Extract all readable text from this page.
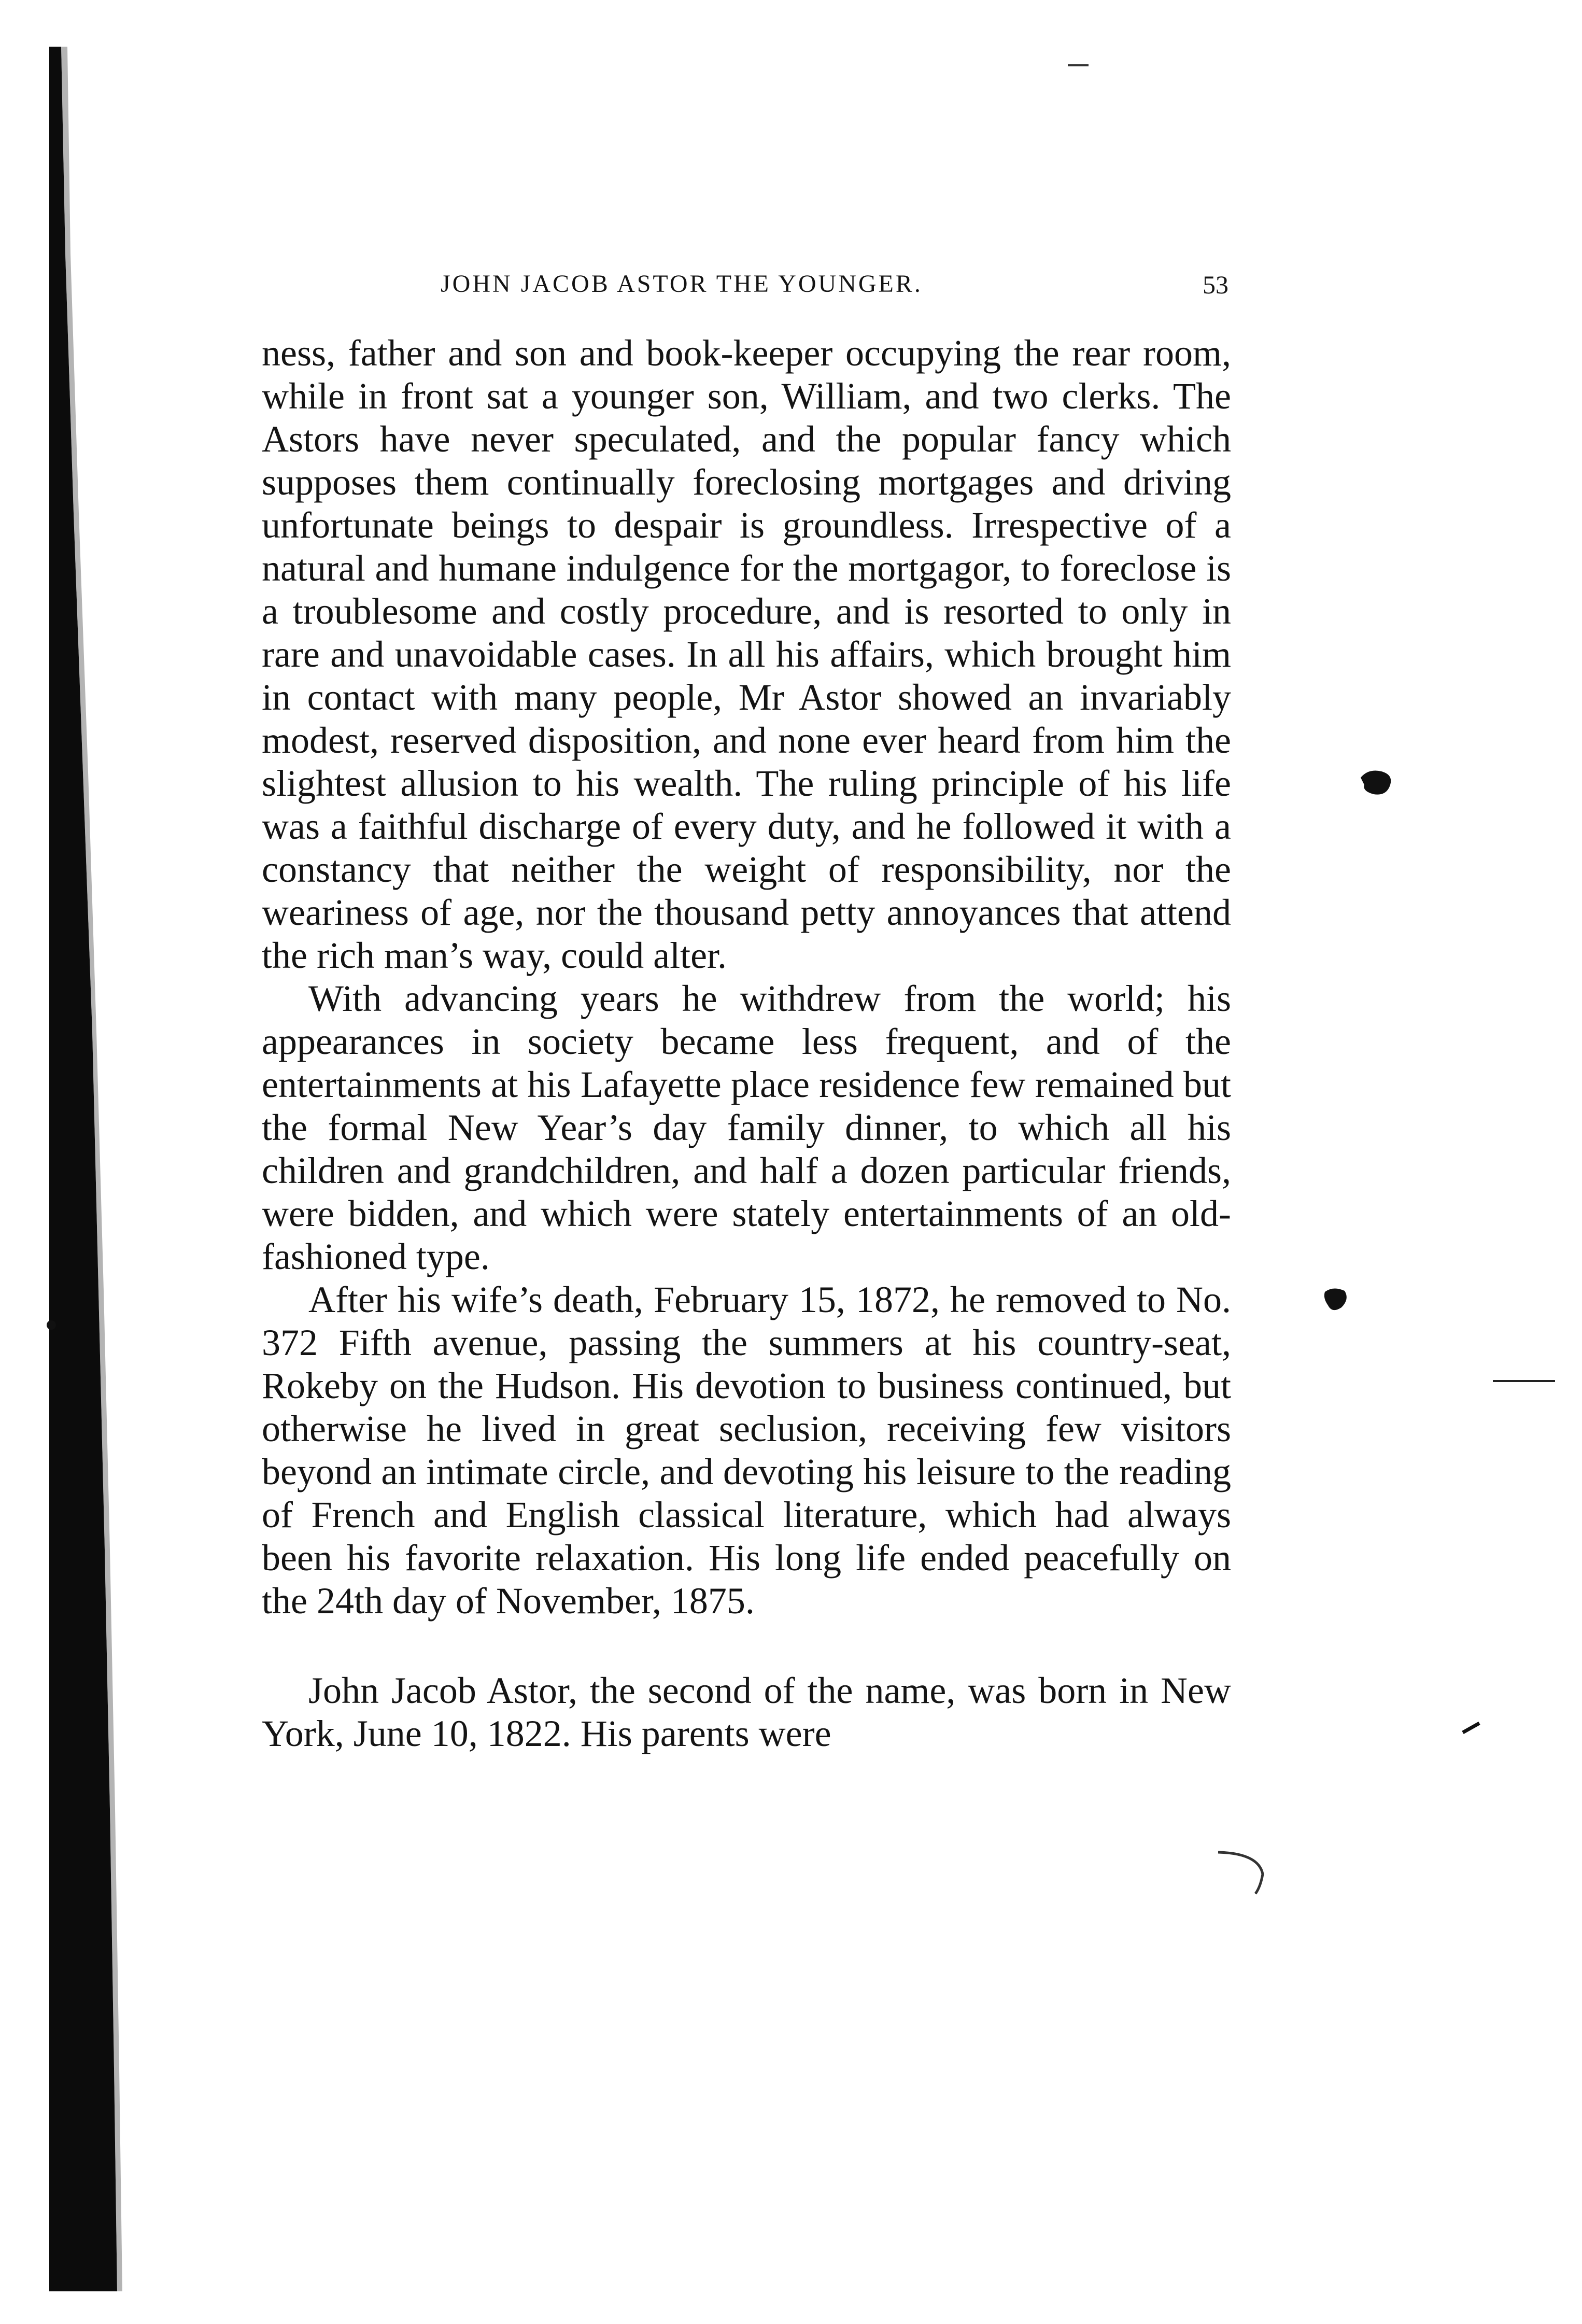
JOHN JACOB ASTOR THE YOUNGER.	53

ness, father and son and book-keeper occupying the rear room, while in front sat a younger son, William, and two clerks. The Astors have never speculated, and the popular fancy which supposes them continually foreclosing mortgages and driving unfortunate beings to despair is groundless. Irrespective of a natural and humane indulgence for the mortgagor, to foreclose is a troublesome and costly procedure, and is resorted to only in rare and unavoidable cases. In all his affairs, which brought him in contact with many people, Mr Astor showed an invariably modest, reserved disposition, and none ever heard from him the slightest allusion to his wealth. The ruling principle of his life was a faithful discharge of every duty, and he followed it with a constancy that neither the weight of responsibility, nor the weariness of age, nor the thousand petty annoyances that attend the rich man’s way, could alter.

With advancing years he withdrew from the world; his appearances in society became less frequent, and of the entertainments at his Lafayette place residence few remained but the formal New Year’s day family dinner, to which all his children and grandchildren, and half a dozen particular friends, were bidden, and which were stately entertainments of an old-fashioned type.

After his wife’s death, February 15, 1872, he removed to No. 372 Fifth avenue, passing the summers at his country-seat, Rokeby on the Hudson. His devotion to business continued, but otherwise he lived in great seclusion, receiving few visitors beyond an intimate circle, and devoting his leisure to the reading of French and English classical literature, which had always been his favorite relaxation. His long life ended peacefully on the 24th day of November, 1875.

John Jacob Astor, the second of the name, was born in New York, June 10, 1822. His parents were
